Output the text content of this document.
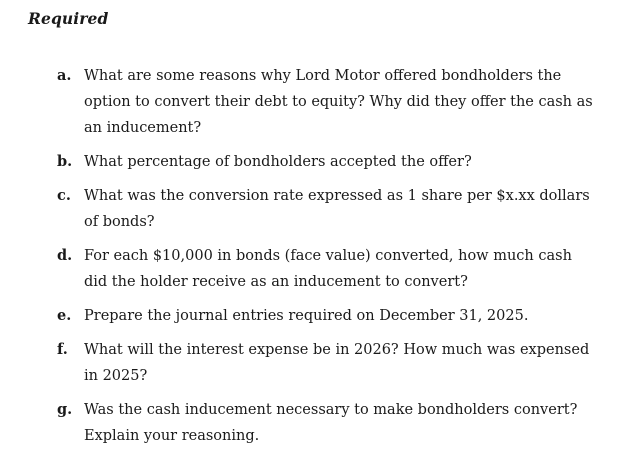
Required
a. What are some reasons why Lord Motor offered bondholders the option to convert their debt to equity? Why did they offer the cash as an inducement?
b. What percentage of bondholders accepted the offer?
c. What was the conversion rate expressed as 1 share per $x.xx dollars of bonds?
d. For each $10,000 in bonds (face value) converted, how much cash did the holder receive as an inducement to convert?
e. Prepare the journal entries required on December 31, 2025.
f.	What will the interest expense be in 2026? How much was expensed in 2025?
g. Was the cash inducement necessary to make bondholders convert? Explain your reasoning.
